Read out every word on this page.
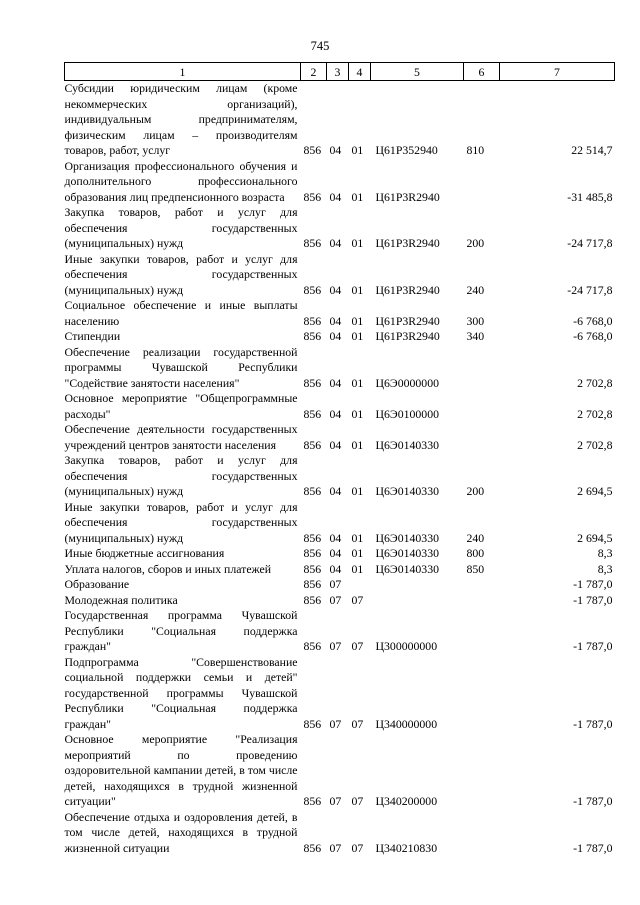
745
1	2	3	4	5	6	7
Субсидии юридическим лицам (кроме некоммерческих организаций), индивидуальным предпринимателям, физическим лицам – производителям товаров, работ, услуг	856	04	01	Ц61Р352940	810	22 514,7
Организация профессионального обучения и дополнительного профессионального образования лиц предпенсионного возраста	856	04	01	Ц61Р3R2940		-31 485,8
Закупка товаров, работ и услуг для обеспечения государственных (муниципальных) нужд	856	04	01	Ц61Р3R2940	200	-24 717,8
Иные закупки товаров, работ и услуг для обеспечения государственных (муниципальных) нужд	856	04	01	Ц61Р3R2940	240	-24 717,8
Социальное обеспечение и иные выплаты населению	856	04	01	Ц61Р3R2940	300	-6 768,0
Стипендии	856	04	01	Ц61Р3R2940	340	-6 768,0
Обеспечение реализации государственной программы Чувашской Республики "Содействие занятости населения"	856	04	01	Ц6Э0000000		2 702,8
Основное мероприятие "Общепрограммные расходы"	856	04	01	Ц6Э0100000		2 702,8
Обеспечение деятельности государственных учреждений центров занятости населения	856	04	01	Ц6Э0140330		2 702,8
Закупка товаров, работ и услуг для обеспечения государственных (муниципальных) нужд	856	04	01	Ц6Э0140330	200	2 694,5
Иные закупки товаров, работ и услуг для обеспечения государственных (муниципальных) нужд	856	04	01	Ц6Э0140330	240	2 694,5
Иные бюджетные ассигнования	856	04	01	Ц6Э0140330	800	8,3
Уплата налогов, сборов и иных платежей	856	04	01	Ц6Э0140330	850	8,3
Образование	856	07				-1 787,0
Молодежная политика	856	07	07			-1 787,0
Государственная программа Чувашской Республики "Социальная поддержка граждан"	856	07	07	Ц300000000		-1 787,0
Подпрограмма "Совершенствование социальной поддержки семьи и детей" государственной программы Чувашской Республики "Социальная поддержка граждан"	856	07	07	Ц340000000		-1 787,0
Основное мероприятие "Реализация мероприятий по проведению оздоровительной кампании детей, в том числе детей, находящихся в трудной жизненной ситуации"	856	07	07	Ц340200000		-1 787,0
Обеспечение отдыха и оздоровления детей, в том числе детей, находящихся в трудной жизненной ситуации	856	07	07	Ц340210830		-1 787,0
